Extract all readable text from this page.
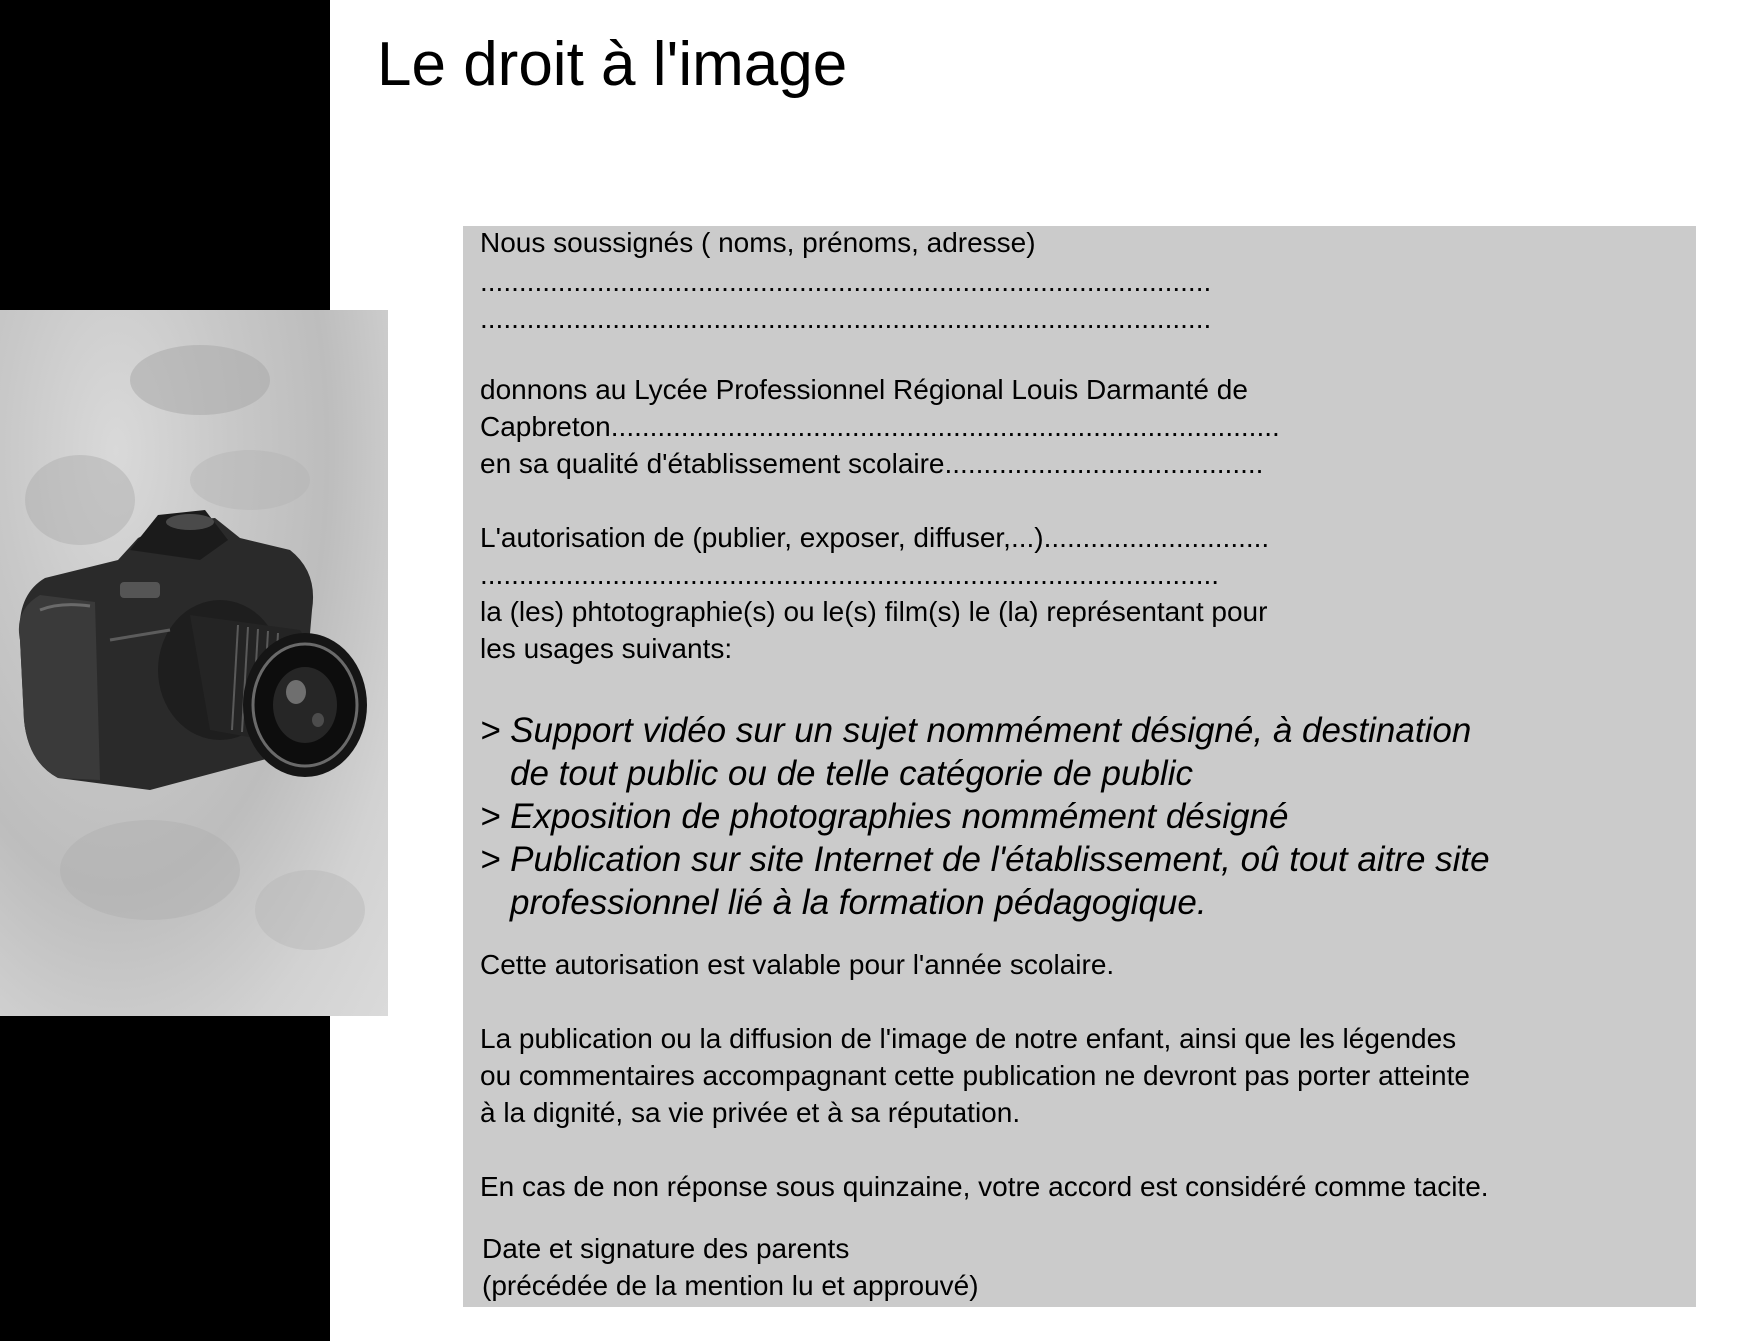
Le droit à l'image
Nous soussignés ( noms, prénoms, adresse)
..............................................................................................
..............................................................................................
donnons au Lycée Professionnel Régional Louis Darmanté de
Capbreton......................................................................................
en sa qualité d'établissement scolaire.........................................
L'autorisation de (publier, exposer, diffuser,...).............................
...............................................................................................
la (les) phtotographie(s) ou le(s) film(s) le (la) représentant pour
les usages suivants:
> Support vidéo sur un sujet nommément désigné, à destination
de tout public ou de telle catégorie de public
> Exposition de photographies nommément désigné
> Publication sur site Internet de l'établissement, oû tout aitre site
professionnel lié à la formation pédagogique.
Cette autorisation est valable pour l'année scolaire.
La publication ou la diffusion de l'image de notre enfant, ainsi que les légendes
ou commentaires accompagnant cette publication ne devront pas porter atteinte
à la dignité, sa vie privée et à sa réputation.
En cas de non réponse sous quinzaine, votre accord est considéré comme tacite.
Date et signature des parents
(précédée de la mention lu et approuvé)
